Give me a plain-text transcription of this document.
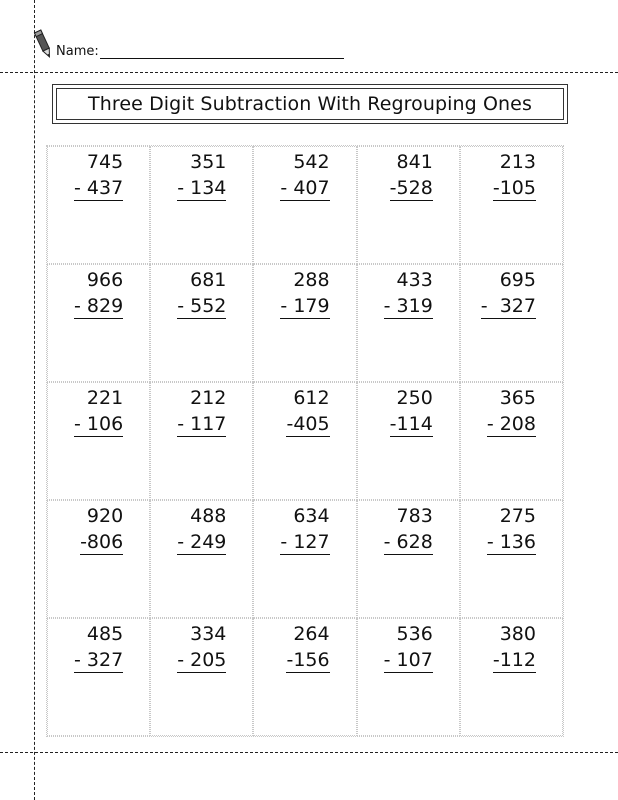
Name:
Three Digit Subtraction With Regrouping Ones
745
- 437
351
- 134
542
- 407
841
-528
213
-105
966
- 829
681
- 552
288
- 179
433
- 319
695
-  327
221
- 106
212
- 117
612
-405
250
-114
365
- 208
920
-806
488
- 249
634
- 127
783
- 628
275
- 136
485
- 327
334
- 205
264
-156
536
- 107
380
-112
